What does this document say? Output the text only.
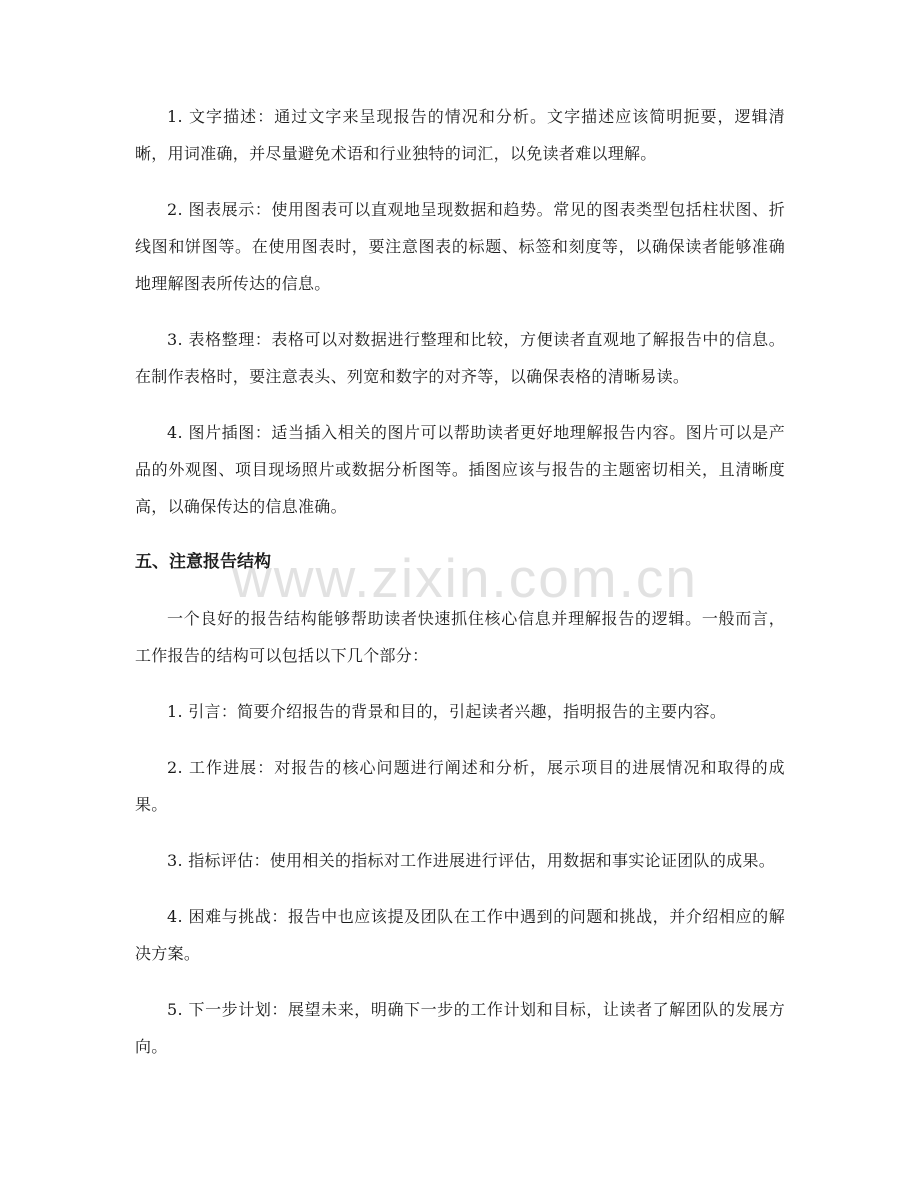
1. 文字描述：通过文字来呈现报告的情况和分析。文字描述应该简明扼要，逻辑清晰，用词准确，并尽量避免术语和行业独特的词汇，以免读者难以理解。

2. 图表展示：使用图表可以直观地呈现数据和趋势。常见的图表类型包括柱状图、折线图和饼图等。在使用图表时，要注意图表的标题、标签和刻度等，以确保读者能够准确地理解图表所传达的信息。

3. 表格整理：表格可以对数据进行整理和比较，方便读者直观地了解报告中的信息。在制作表格时，要注意表头、列宽和数字的对齐等，以确保表格的清晰易读。

4. 图片插图：适当插入相关的图片可以帮助读者更好地理解报告内容。图片可以是产品的外观图、项目现场照片或数据分析图等。插图应该与报告的主题密切相关，且清晰度高，以确保传达的信息准确。

五、注意报告结构

一个良好的报告结构能够帮助读者快速抓住核心信息并理解报告的逻辑。一般而言，工作报告的结构可以包括以下几个部分：

1. 引言：简要介绍报告的背景和目的，引起读者兴趣，指明报告的主要内容。

2. 工作进展：对报告的核心问题进行阐述和分析，展示项目的进展情况和取得的成果。

3. 指标评估：使用相关的指标对工作进展进行评估，用数据和事实论证团队的成果。

4. 困难与挑战：报告中也应该提及团队在工作中遇到的问题和挑战，并介绍相应的解决方案。

5. 下一步计划：展望未来，明确下一步的工作计划和目标，让读者了解团队的发展方向。

www.zixin.com.cn
